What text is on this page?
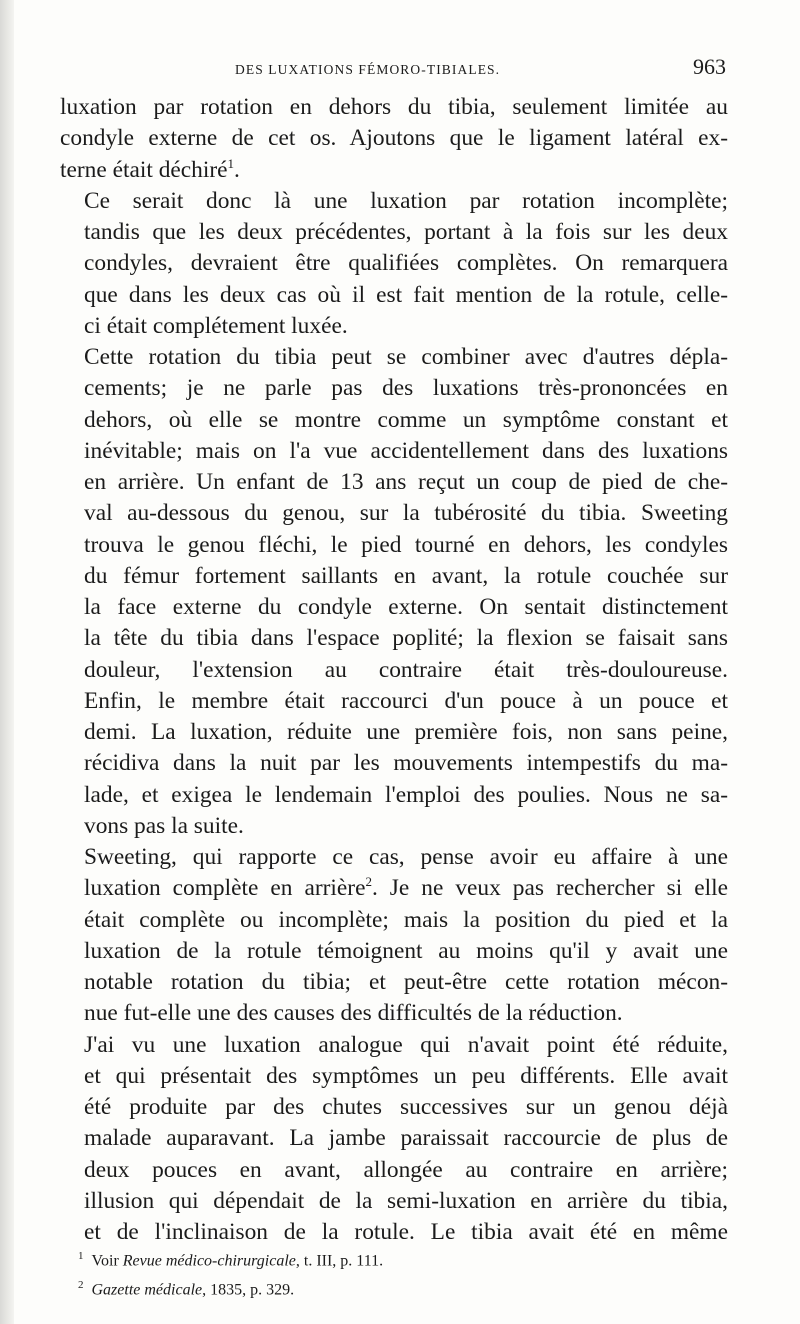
DES LUXATIONS FÉMORO-TIBIALES.	963

luxation par rotation en dehors du tibia, seulement limitée au
condyle externe de cet os. Ajoutons que le ligament latéral ex-
terne était déchiré$^1$.

Ce serait donc là une luxation par rotation incomplète;
tandis que les deux précédentes, portant à la fois sur les deux
condyles, devraient être qualifiées complètes. On remarquera
que dans les deux cas où il est fait mention de la rotule, celle-
ci était complétement luxée.

Cette rotation du tibia peut se combiner avec d'autres dépla-
cements; je ne parle pas des luxations très-prononcées en
dehors, où elle se montre comme un symptôme constant et
inévitable; mais on l'a vue accidentellement dans des luxations
en arrière. Un enfant de 13 ans reçut un coup de pied de che-
val au-dessous du genou, sur la tubérosité du tibia. Sweeting
trouva le genou fléchi, le pied tourné en dehors, les condyles
du fémur fortement saillants en avant, la rotule couchée sur
la face externe du condyle externe. On sentait distinctement
la tête du tibia dans l'espace poplité; la flexion se faisait sans
douleur, l'extension au contraire était très-douloureuse.
Enfin, le membre était raccourci d'un pouce à un pouce et
demi. La luxation, réduite une première fois, non sans peine,
récidiva dans la nuit par les mouvements intempestifs du ma-
lade, et exigea le lendemain l'emploi des poulies. Nous ne sa-
vons pas la suite.

Sweeting, qui rapporte ce cas, pense avoir eu affaire à une
luxation complète en arrière$^2$. Je ne veux pas rechercher si elle
était complète ou incomplète; mais la position du pied et la
luxation de la rotule témoignent au moins qu'il y avait une
notable rotation du tibia; et peut-être cette rotation mécon-
nue fut-elle une des causes des difficultés de la réduction.

J'ai vu une luxation analogue qui n'avait point été réduite,
et qui présentait des symptômes un peu différents. Elle avait
été produite par des chutes successives sur un genou déjà
malade auparavant. La jambe paraissait raccourcie de plus de
deux pouces en avant, allongée au contraire en arrière;
illusion qui dépendait de la semi-luxation en arrière du tibia,
et de l'inclinaison de la rotule. Le tibia avait été en même

$^1$ Voir Revue médico-chirurgicale, t. III, p. 111.
$^2$ Gazette médicale, 1835, p. 329.
